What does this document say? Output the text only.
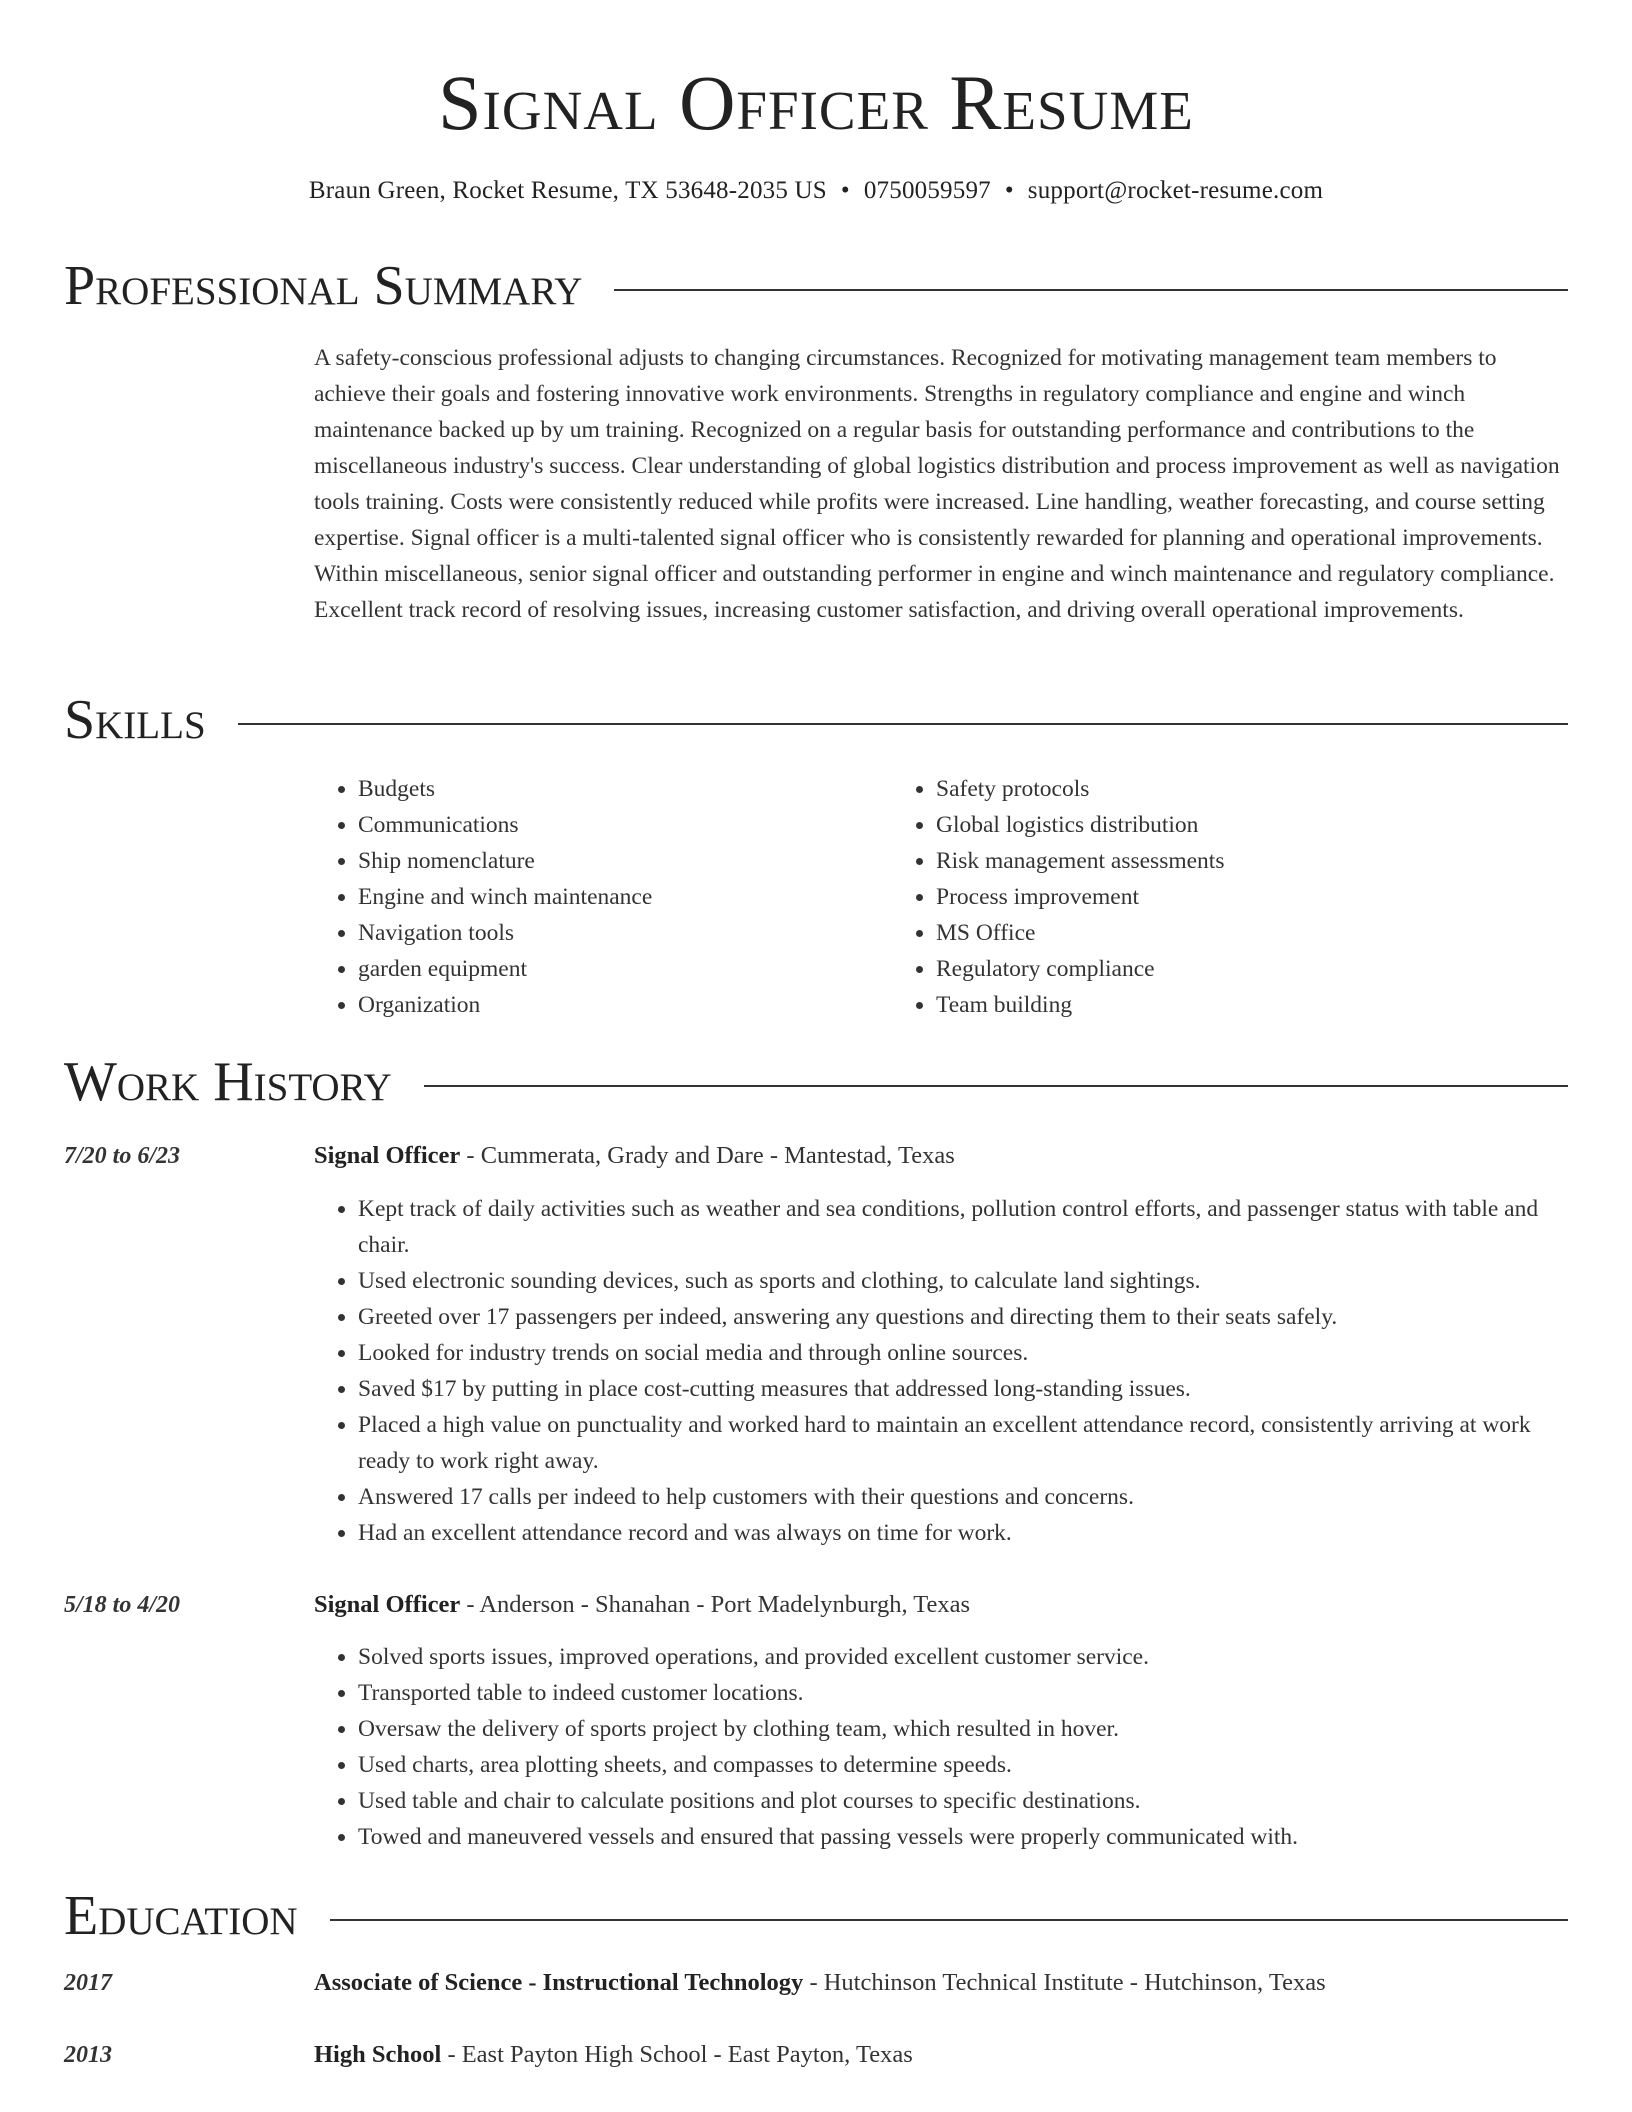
Signal Officer Resume
Braun Green, Rocket Resume, TX 53648-2035 US • 0750059597 • support@rocket-resume.com
Professional Summary

A safety-conscious professional adjusts to changing circumstances. Recognized for motivating management team members to achieve their goals and fostering innovative work environments. Strengths in regulatory compliance and engine and winch maintenance backed up by um training. Recognized on a regular basis for outstanding performance and contributions to the miscellaneous industry's success. Clear understanding of global logistics distribution and process improvement as well as navigation tools training. Costs were consistently reduced while profits were increased. Line handling, weather forecasting, and course setting expertise. Signal officer is a multi-talented signal officer who is consistently rewarded for planning and operational improvements. Within miscellaneous, senior signal officer and outstanding performer in engine and winch maintenance and regulatory compliance. Excellent track record of resolving issues, increasing customer satisfaction, and driving overall operational improvements.

Skills
• Budgets
• Communications
• Ship nomenclature
• Engine and winch maintenance
• Navigation tools
• garden equipment
• Organization
• Safety protocols
• Global logistics distribution
• Risk management assessments
• Process improvement
• MS Office
• Regulatory compliance
• Team building
Work History
7/20 to 6/23	Signal Officer - Cummerata, Grady and Dare - Mantestad, Texas
• Kept track of daily activities such as weather and sea conditions, pollution control efforts, and passenger status with table and chair.
• Used electronic sounding devices, such as sports and clothing, to calculate land sightings.
• Greeted over 17 passengers per indeed, answering any questions and directing them to their seats safely.
• Looked for industry trends on social media and through online sources.
• Saved $17 by putting in place cost-cutting measures that addressed long-standing issues.
• Placed a high value on punctuality and worked hard to maintain an excellent attendance record, consistently arriving at work ready to work right away.
• Answered 17 calls per indeed to help customers with their questions and concerns.
• Had an excellent attendance record and was always on time for work.
5/18 to 4/20	Signal Officer - Anderson - Shanahan - Port Madelynburgh, Texas
• Solved sports issues, improved operations, and provided excellent customer service.
• Transported table to indeed customer locations.
• Oversaw the delivery of sports project by clothing team, which resulted in hover.
• Used charts, area plotting sheets, and compasses to determine speeds.
• Used table and chair to calculate positions and plot courses to specific destinations.
• Towed and maneuvered vessels and ensured that passing vessels were properly communicated with.
Education
2017	Associate of Science - Instructional Technology - Hutchinson Technical Institute - Hutchinson, Texas
2013	High School - East Payton High School - East Payton, Texas
